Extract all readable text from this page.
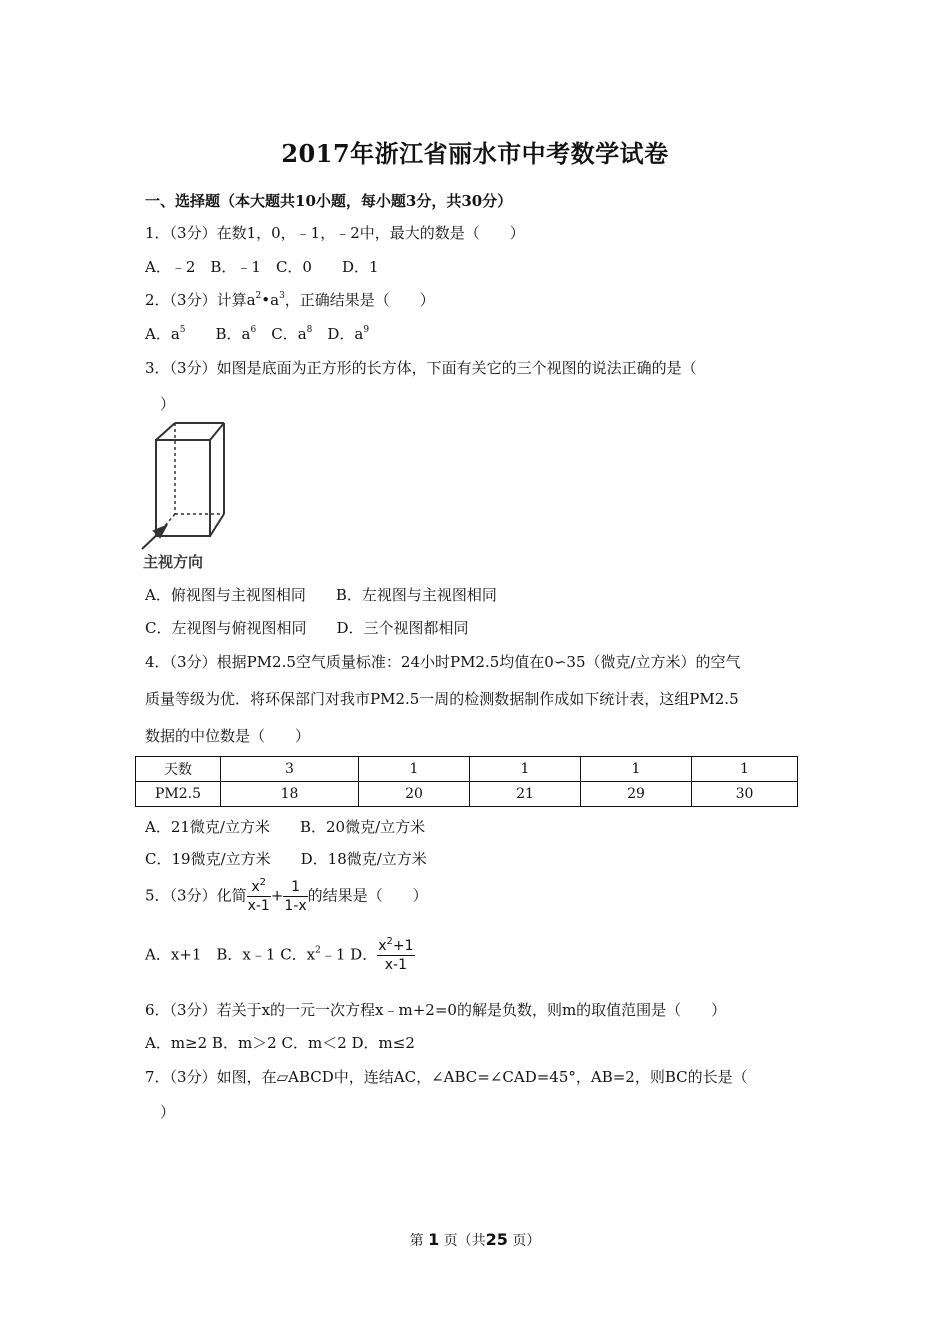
2017年浙江省丽水市中考数学试卷
一、选择题（本大题共10小题，每小题3分，共30分）
1．（3分）在数1，0，﹣1，﹣2中，最大的数是（　　）
A．﹣2　B．﹣1　C．0　　D．1
2．（3分）计算$a^2•a^3$，正确结果是（　　）
A．$a^5$　　B．$a^6$　C．$a^8$　D．$a^9$
3．（3分）如图是底面为正方形的长方体，下面有关它的三个视图的说法正确的是（
）
主视方向
A．俯视图与主视图相同　　B．左视图与主视图相同
C．左视图与俯视图相同　　D．三个视图都相同
4．（3分）根据PM2.5空气质量标准：24小时PM2.5均值在0∽35（微克/立方米）的空气
质量等级为优．将环保部门对我市PM2.5一周的检测数据制作成如下统计表，这组PM2.5
数据的中位数是（　　）
天数	3	1	1	1	1
PM2.5	18	20	21	29	30
A．21微克/立方米　　B．20微克/立方米
C．19微克/立方米　　D．18微克/立方米
5．（3分）化简 $\frac{x^2}{x-1} + \frac{1}{1-x}$ 的结果是（　　）
A．x+1　B．x﹣1 C．$x^2﹣1$ D． $\frac{x^2+1}{x-1}$
6．（3分）若关于x的一元一次方程x﹣m+2=0的解是负数，则m的取值范围是（　　）
A．m≥2 B．m＞2 C．m＜2 D．m≤2
7．（3分）如图，在▱ABCD中，连结AC，∠ABC=∠CAD=45°，AB=2，则BC的长是（
）
第 1 页（共25 页）
